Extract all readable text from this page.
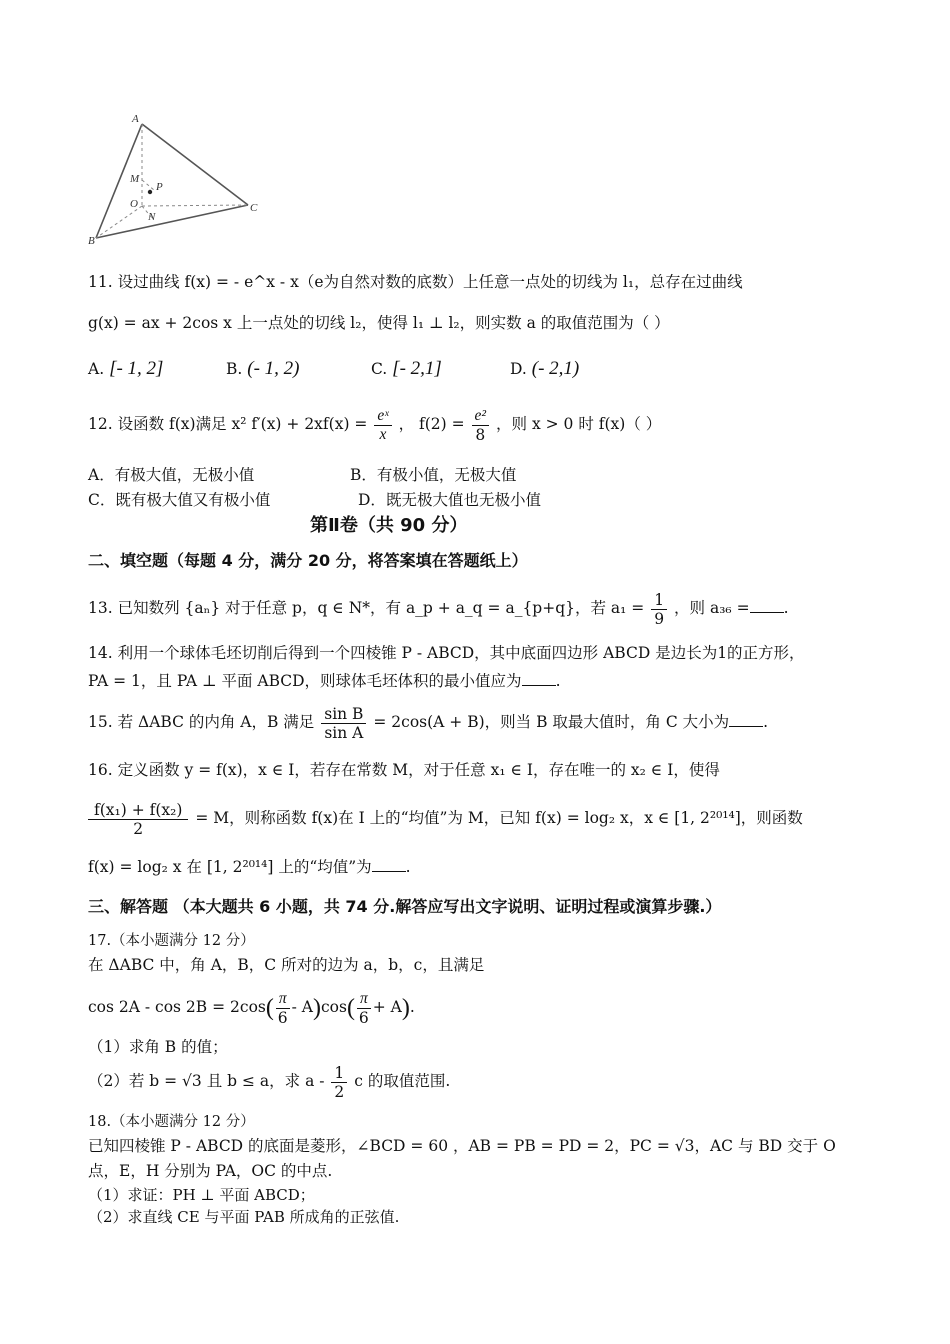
A
M
P
O
N
C
B
11. 设过曲线 f(x) = - e^x - x（e为自然对数的底数）上任意一点处的切线为 l₁，总存在过曲线
g(x) = ax + 2cos x 上一点处的切线 l₂，使得 l₁ ⊥ l₂，则实数 a 的取值范围为（ ）
A. [- 1, 2]	B. (- 1, 2)	C. [- 2,1]	D. (- 2,1)
12. 设函数 f(x)满足 x² $f'(x) + 2xf(x) = \frac{\text{eˣ}}{x}$ ， $f(2) = \frac{\text{e²}}{8}$ ，则 x > 0 时 f(x)（ ）
A．有极大值，无极小值	B．有极小值，无极大值
C．既有极大值又有极小值	D．既无极大值也无极小值
第Ⅱ卷（共 90 分）
二、填空题（每题 4 分，满分 20 分，将答案填在答题纸上）
13. 已知数列 {aₙ} 对于任意 p，q ∈ N*，有 a_p + a_q = a_{p+q}，若 $a_1 = \frac{1}{9}$ ，则 a₃₆ = .
14. 利用一个球体毛坯切削后得到一个四棱锥 P - ABCD，其中底面四边形 ABCD 是边长为1的正方形，
PA = 1，且 PA ⊥ 平面 ABCD，则球体毛坯体积的最小值应为 .
15. 若 ΔABC 的内角 A，B 满足 $\frac{\text{sin B}}{\text{sin A}} = 2\cos(A + B)$，则当 B 取最大值时，角 C 大小为 .
16. 定义函数 y = f(x)，x ∈ I，若存在常数 M，对于任意 x₁ ∈ I，存在唯一的 x₂ ∈ I，使得
$\frac{\text{f(x₁) + f(x₂)}}{2} = M$，则称函数 f(x)在 I 上的“均值”为 M，已知 f(x) = log₂ x，x ∈ [1, 2²⁰¹⁴]，则函数
f(x) = log₂ x 在 [1, 2²⁰¹⁴] 上的“均值”为 .
三、解答题 （本大题共 6 小题，共 74 分.解答应写出文字说明、证明过程或演算步骤.）
17.（本小题满分 12 分）
在 ΔABC 中，角 A，B，C 所对的边为 a，b，c，且满足
$\cos 2A - \cos 2B = 2\cos( \frac{\pi}{6} - A)\cos( \frac{\pi}{6} + A)$.
（1）求角 B 的值；
（2）若 b = √3 且 b ≤ a，求 a - $\frac{1}{2}$ c 的取值范围.
18.（本小题满分 12 分）
已知四棱锥 P - ABCD 的底面是菱形，∠BCD = 60 ，AB = PB = PD = 2，PC = √3，AC 与 BD 交于 O
点，E，H 分别为 PA，OC 的中点.
（1）求证：PH ⊥ 平面 ABCD；
（2）求直线 CE 与平面 PAB 所成角的正弦值.
